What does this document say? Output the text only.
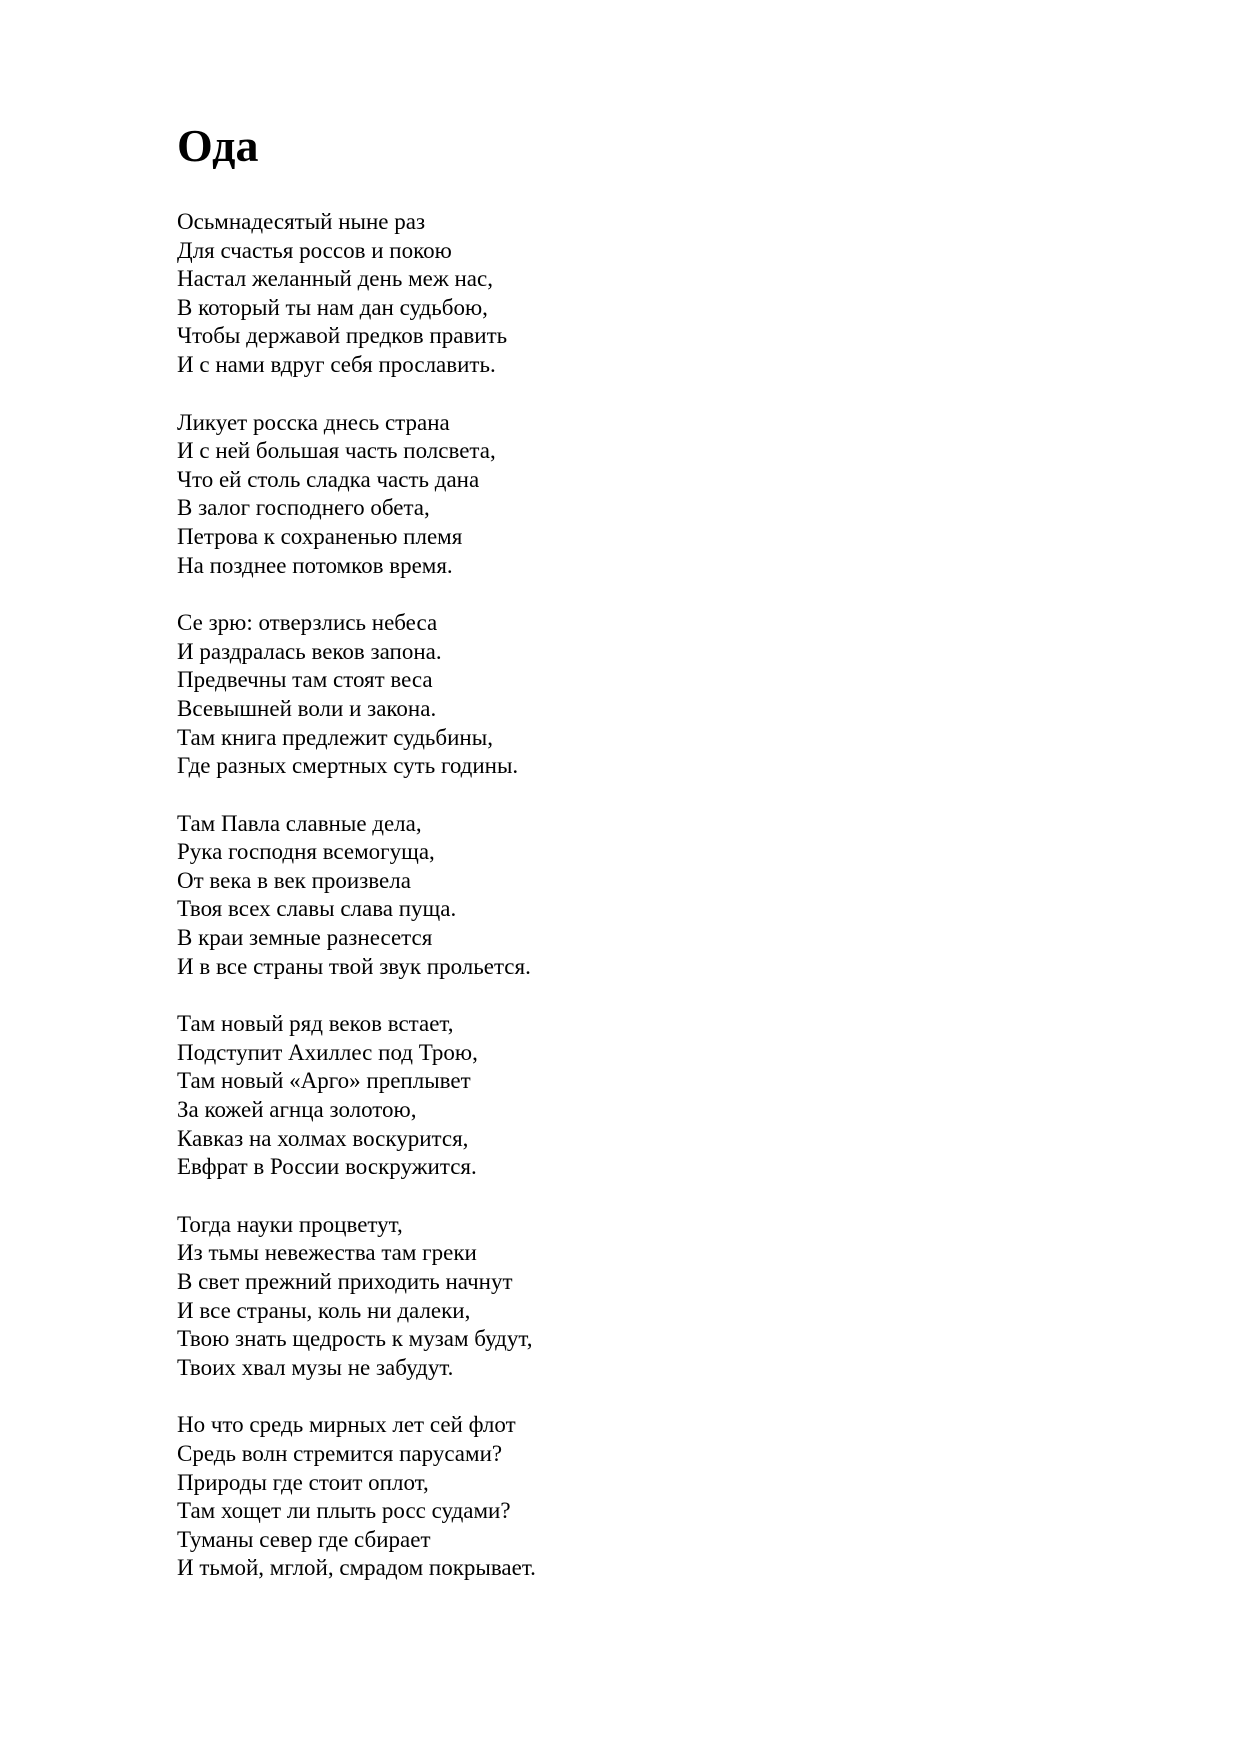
Ода

Осьмнадесятый ныне раз

Для счастья россов и покою

Настал желанный день меж нас,

В который ты нам дан судьбою,

Чтобы державой предков править

И с нами вдруг себя прославить.

Ликует росска днесь страна

И с ней большая часть полсвета,

Что ей столь сладка часть дана

В залог господнего обета,

Петрова к сохраненью племя

На позднее потомков время.

Се зрю: отверзлись небеса

И раздралась веков запона.

Предвечны там стоят веса

Всевышней воли и закона.

Там книга предлежит судьбины,

Где разных смертных суть годины.

Там Павла славные дела,

Рука господня всемогуща,

От века в век произвела

Твоя всех славы слава пуща.

В краи земные разнесется

И в все страны твой звук прольется.

Там новый ряд веков встает,

Подступит Ахиллес под Трою,

Там новый «Арго» преплывет

За кожей агнца золотою,

Кавказ на холмах воскурится,

Евфрат в России воскружится.

Тогда науки процветут,

Из тьмы невежества там греки

В свет прежний приходить начнут

И все страны, коль ни далеки,

Твою знать щедрость к музам будут,

Твоих хвал музы не забудут.

Но что средь мирных лет сей флот

Средь волн стремится парусами?

Природы где стоит оплот,

Там хощет ли плыть росс судами?

Туманы север где сбирает

И тьмой, мглой, смрадом покрывает.
